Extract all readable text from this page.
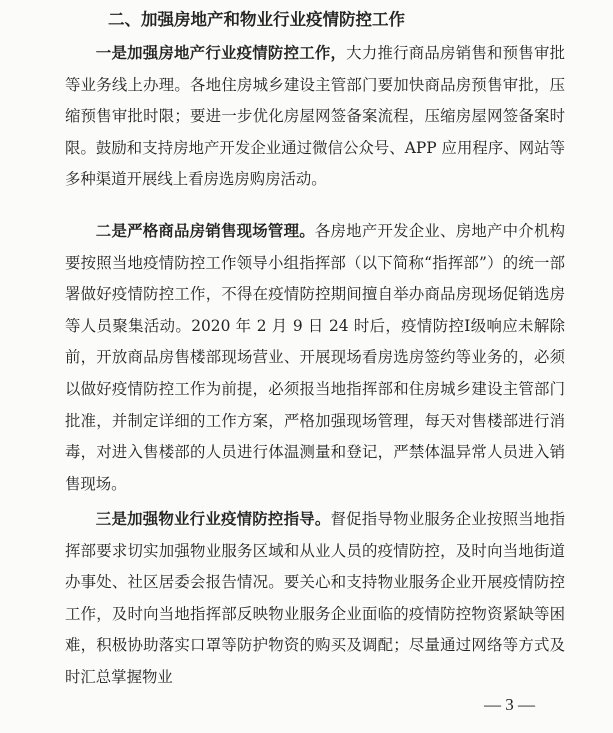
二、加强房地产和物业行业疫情防控工作

一是加强房地产行业疫情防控工作，大力推行商品房销售和预售审批等业务线上办理。各地住房城乡建设主管部门要加快商品房预售审批，压缩预售审批时限；要进一步优化房屋网签备案流程，压缩房屋网签备案时限。鼓励和支持房地产开发企业通过微信公众号、APP 应用程序、网站等多种渠道开展线上看房选房购房活动。

二是严格商品房销售现场管理。各房地产开发企业、房地产中介机构要按照当地疫情防控工作领导小组指挥部（以下简称“指挥部”）的统一部署做好疫情防控工作，不得在疫情防控期间擅自举办商品房现场促销选房等人员聚集活动。2020 年 2 月 9 日 24 时后，疫情防控Ⅰ级响应未解除前，开放商品房售楼部现场营业、开展现场看房选房签约等业务的，必须以做好疫情防控工作为前提，必须报当地指挥部和住房城乡建设主管部门批准，并制定详细的工作方案，严格加强现场管理，每天对售楼部进行消毒，对进入售楼部的人员进行体温测量和登记，严禁体温异常人员进入销售现场。

三是加强物业行业疫情防控指导。督促指导物业服务企业按照当地指挥部要求切实加强物业服务区域和从业人员的疫情防控，及时向当地街道办事处、社区居委会报告情况。要关心和支持物业服务企业开展疫情防控工作，及时向当地指挥部反映物业服务企业面临的疫情防控物资紧缺等困难，积极协助落实口罩等防护物资的购买及调配；尽量通过网络等方式及时汇总掌握物业

— 3 —
